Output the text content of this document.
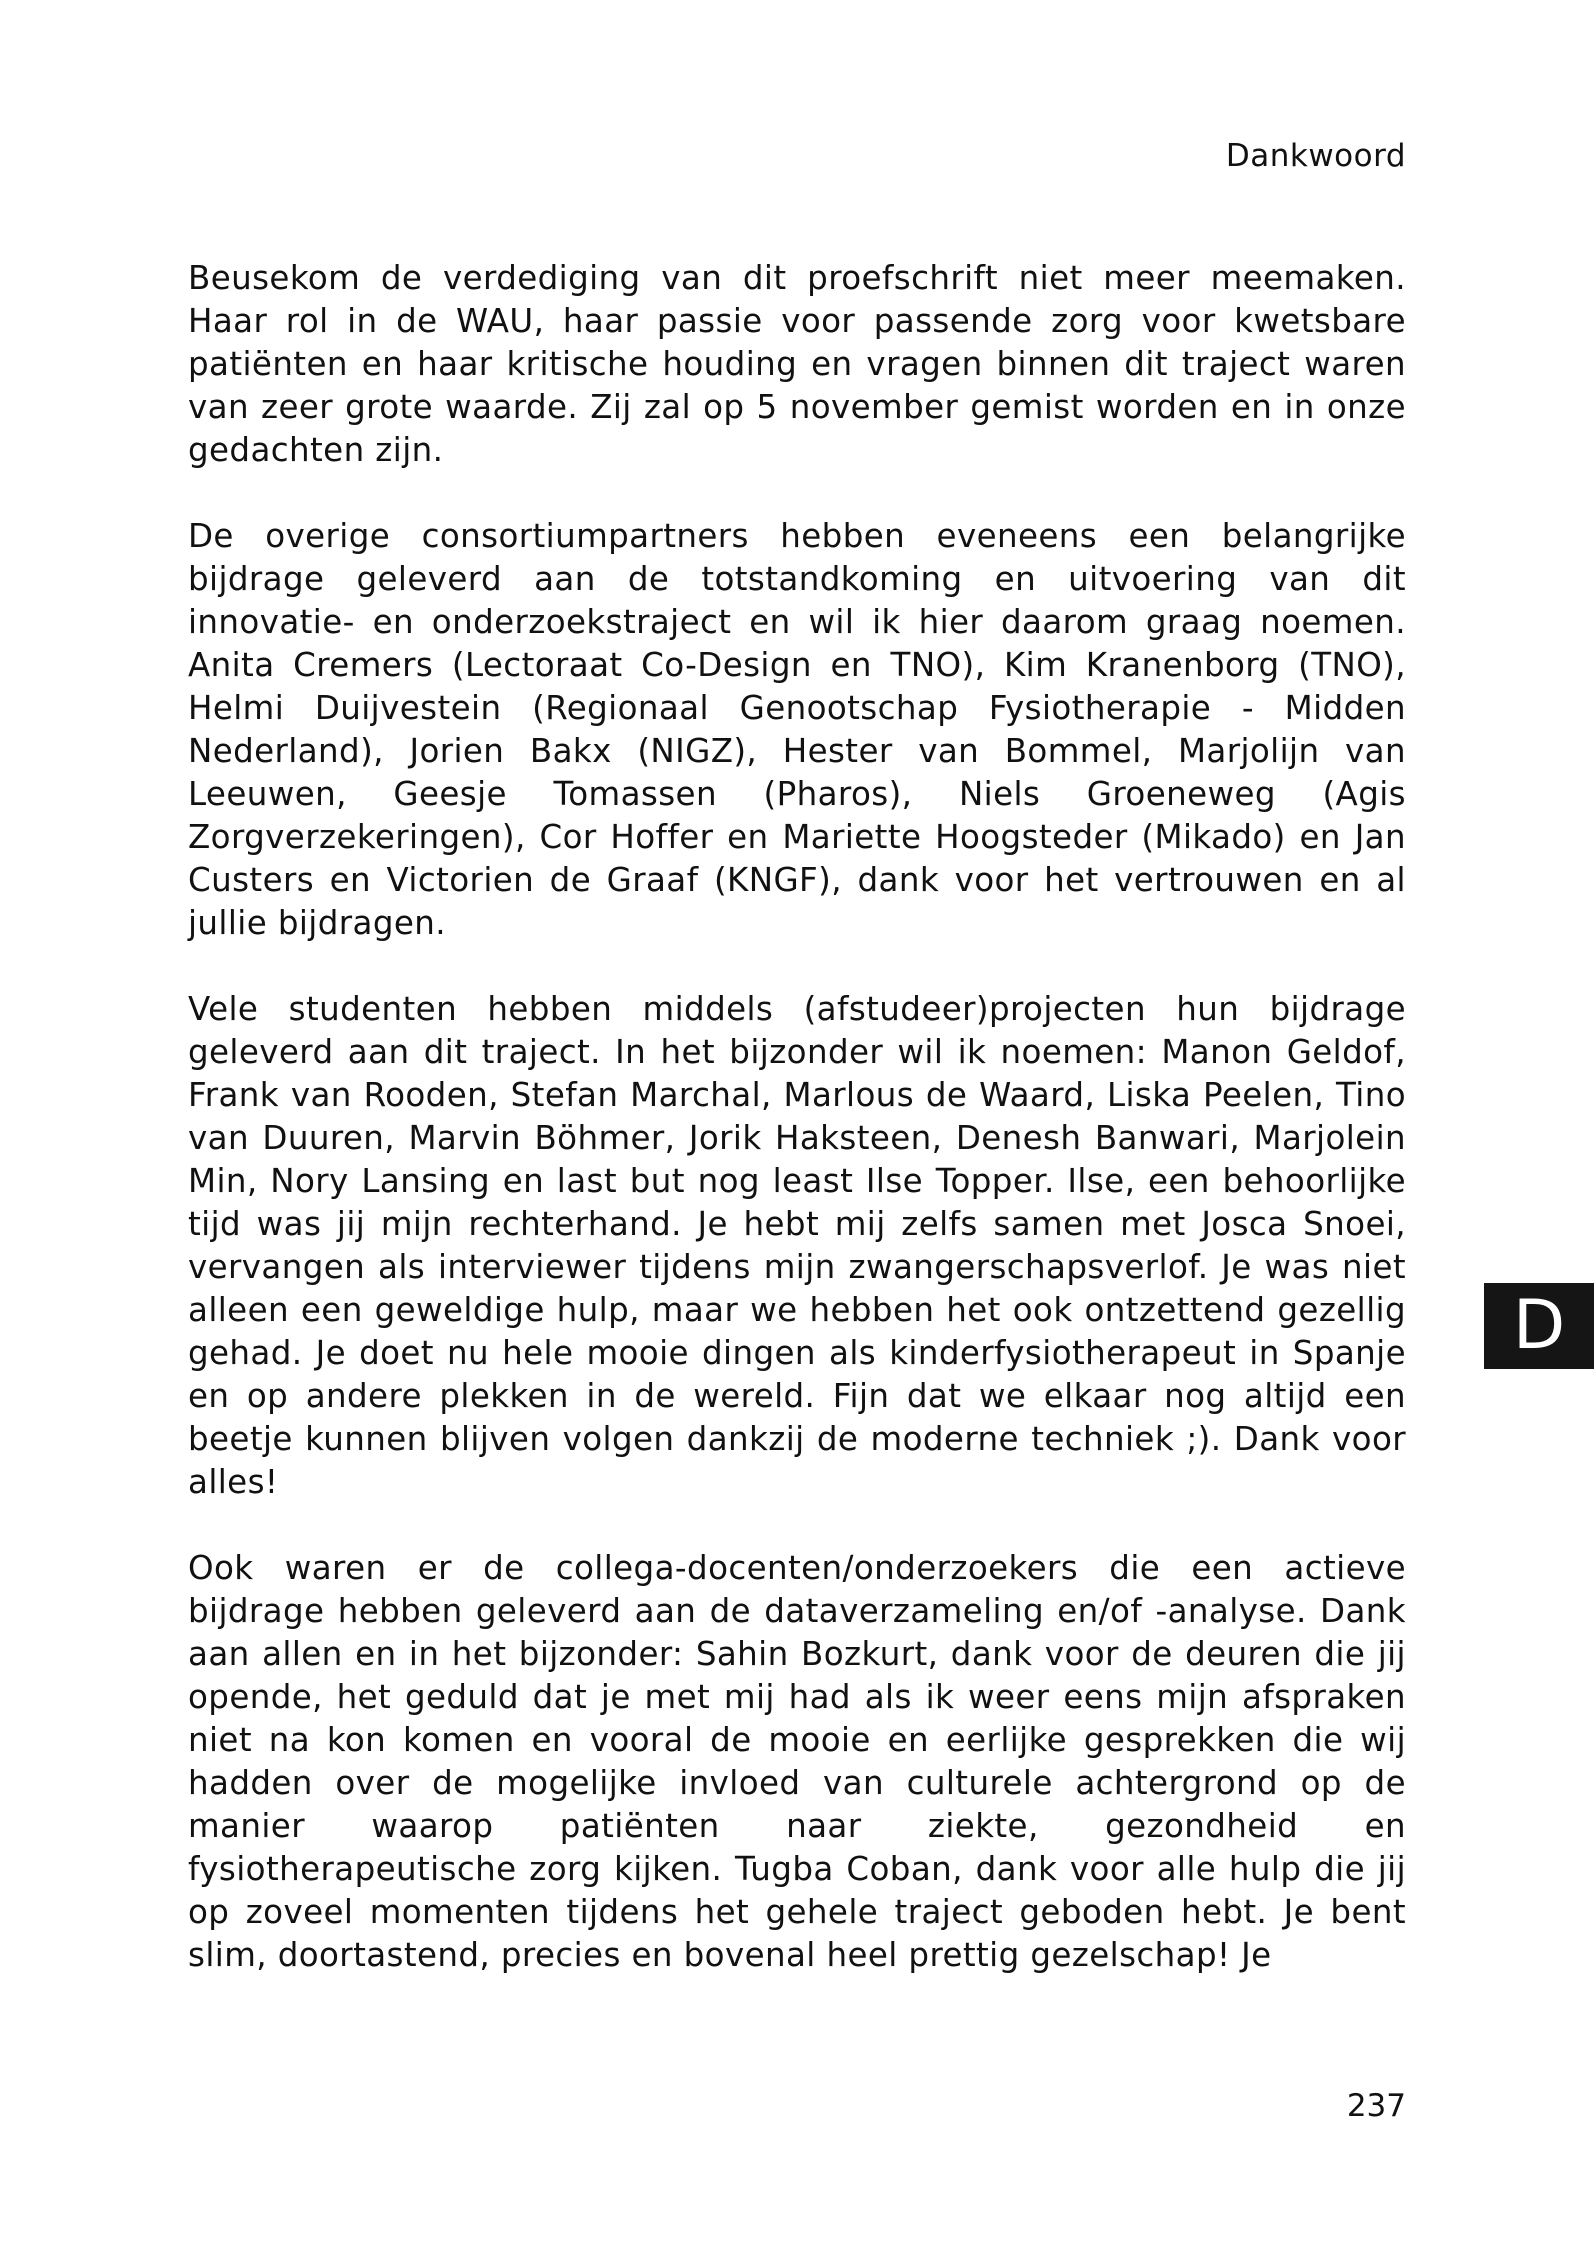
Dankwoord

Beusekom de verdediging van dit proefschrift niet meer meemaken. Haar rol in de WAU, haar passie voor passende zorg voor kwetsbare patiënten en haar kritische houding en vragen binnen dit traject waren van zeer grote waarde. Zij zal op 5 november gemist worden en in onze gedachten zijn.

De overige consortiumpartners hebben eveneens een belangrijke bijdrage geleverd aan de totstandkoming en uitvoering van dit innovatie- en onderzoekstraject en wil ik hier daarom graag noemen. Anita Cremers (Lectoraat Co-Design en TNO), Kim Kranenborg (TNO), Helmi Duijvestein (Regionaal Genootschap Fysiotherapie - Midden Nederland), Jorien Bakx (NIGZ), Hester van Bommel, Marjolijn van Leeuwen, Geesje Tomassen (Pharos), Niels Groeneweg (Agis Zorgverzekeringen), Cor Hoffer en Mariette Hoogsteder (Mikado) en Jan Custers en Victorien de Graaf (KNGF), dank voor het vertrouwen en al jullie bijdragen.

Vele studenten hebben middels (afstudeer)projecten hun bijdrage geleverd aan dit traject. In het bijzonder wil ik noemen: Manon Geldof, Frank van Rooden, Stefan Marchal, Marlous de Waard, Liska Peelen, Tino van Duuren, Marvin Böhmer, Jorik Haksteen, Denesh Banwari, Marjolein Min, Nory Lansing en last but nog least Ilse Topper. Ilse, een behoorlijke tijd was jij mijn rechterhand. Je hebt mij zelfs samen met Josca Snoei, vervangen als interviewer tijdens mijn zwangerschapsverlof. Je was niet alleen een geweldige hulp, maar we hebben het ook ontzettend gezellig gehad. Je doet nu hele mooie dingen als kinderfysiotherapeut in Spanje en op andere plekken in de wereld. Fijn dat we elkaar nog altijd een beetje kunnen blijven volgen dankzij de moderne techniek ;). Dank voor alles!

Ook waren er de collega-docenten/onderzoekers die een actieve bijdrage hebben geleverd aan de dataverzameling en/of -analyse. Dank aan allen en in het bijzonder: Sahin Bozkurt, dank voor de deuren die jij opende, het geduld dat je met mij had als ik weer eens mijn afspraken niet na kon komen en vooral de mooie en eerlijke gesprekken die wij hadden over de mogelijke invloed van culturele achtergrond op de manier waarop patiënten naar ziekte, gezondheid en fysiotherapeutische zorg kijken. Tugba Coban, dank voor alle hulp die jij op zoveel momenten tijdens het gehele traject geboden hebt. Je bent slim, doortastend, precies en bovenal heel prettig gezelschap! Je

D
237
